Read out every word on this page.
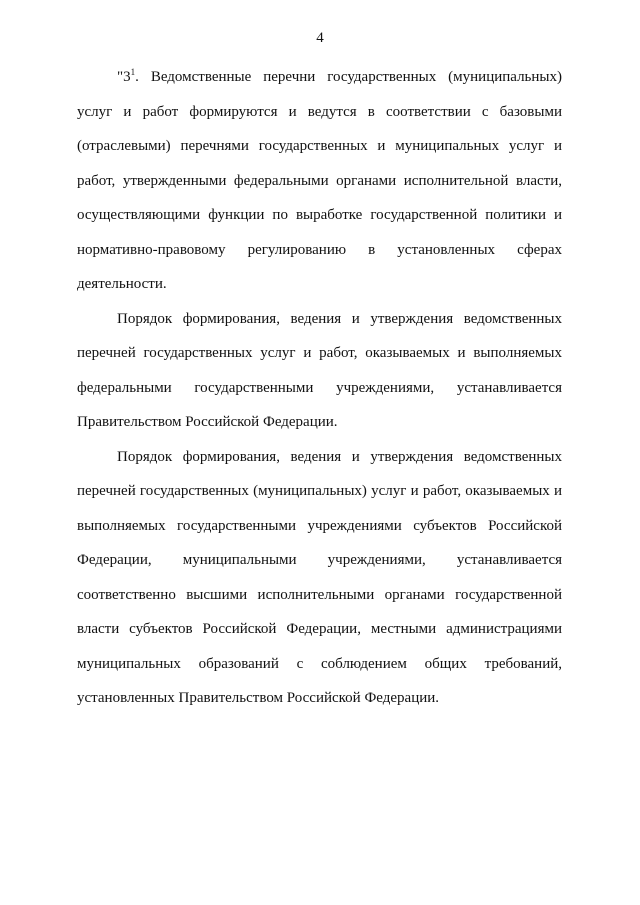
4

"$3^1$. Ведомственные перечни государственных (муниципальных) услуг и работ формируются и ведутся в соответствии с базовыми (отраслевыми) перечнями государственных и муниципальных услуг и работ, утвержденными федеральными органами исполнительной власти, осуществляющими функции по выработке государственной политики и нормативно-правовому регулированию в установленных сферах деятельности.

Порядок формирования, ведения и утверждения ведомственных перечней государственных услуг и работ, оказываемых и выполняемых федеральными государственными учреждениями, устанавливается Правительством Российской Федерации.

Порядок формирования, ведения и утверждения ведомственных перечней государственных (муниципальных) услуг и работ, оказываемых и выполняемых государственными учреждениями субъектов Российской Федерации, муниципальными учреждениями, устанавливается соответственно высшими исполнительными органами государственной власти субъектов Российской Федерации, местными администрациями муниципальных образований с соблюдением общих требований, установленных Правительством Российской Федерации.
